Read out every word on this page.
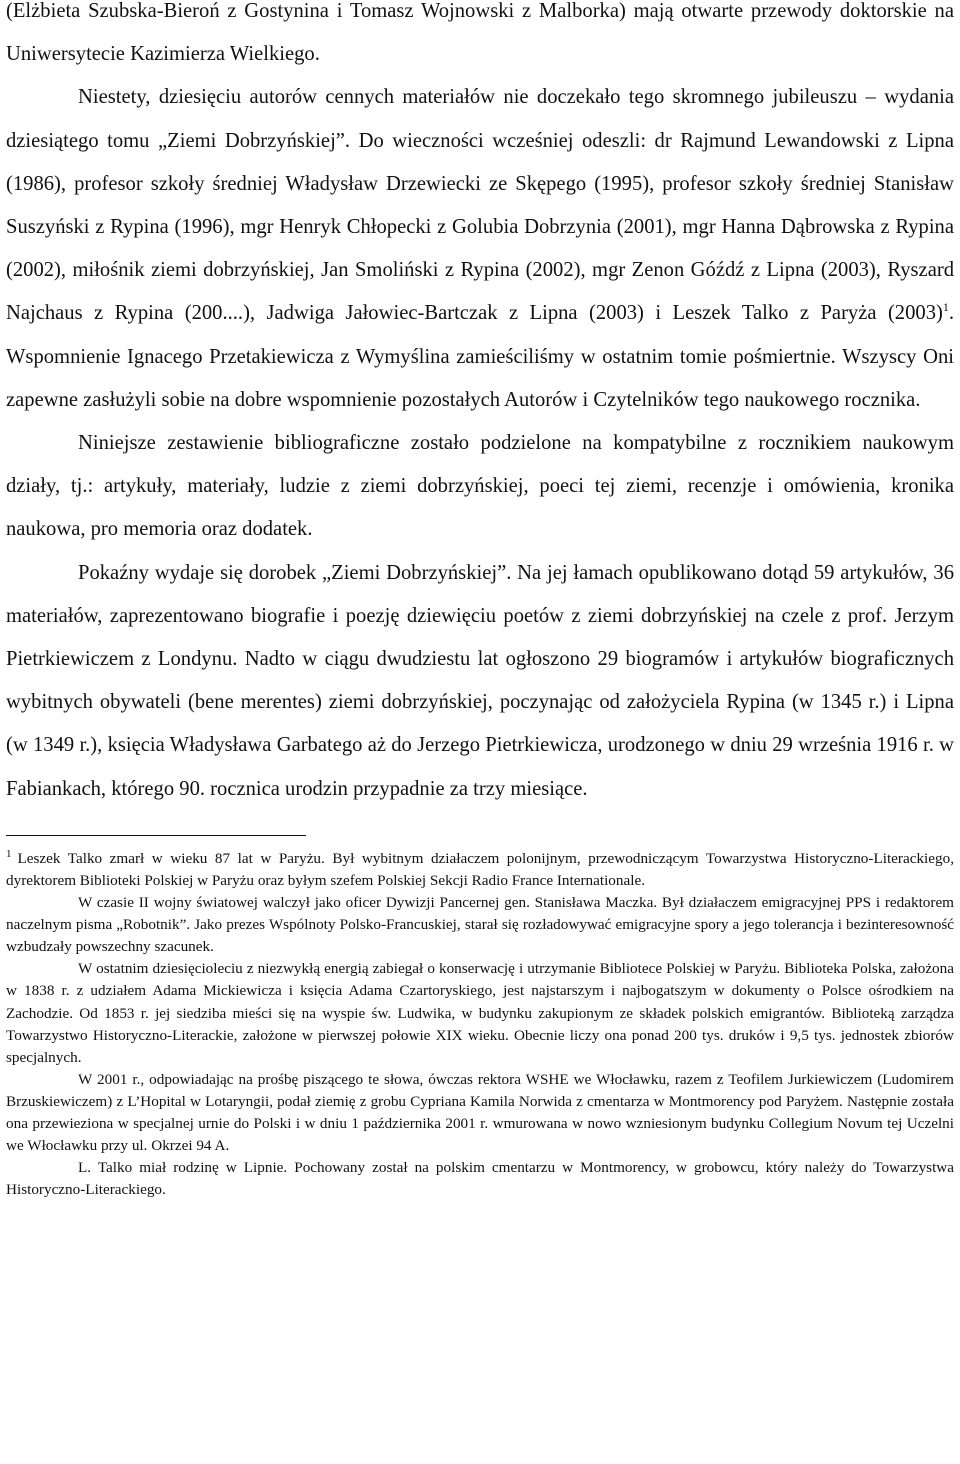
(Elżbieta Szubska-Bieroń z Gostynina i Tomasz Wojnowski z Malborka) mają otwarte przewody doktorskie na Uniwersytecie Kazimierza Wielkiego.

Niestety, dziesięciu autorów cennych materiałów nie doczekało tego skromnego jubileuszu – wydania dziesiątego tomu „Ziemi Dobrzyńskiej”. Do wieczności wcześniej odeszli: dr Rajmund Lewandowski z Lipna (1986), profesor szkoły średniej Władysław Drzewiecki ze Skępego (1995), profesor szkoły średniej Stanisław Suszyński z Rypina (1996), mgr Henryk Chłopecki z Golubia Dobrzynia (2001), mgr Hanna Dąbrowska z Rypina (2002), miłośnik ziemi dobrzyńskiej, Jan Smoliński z Rypina (2002), mgr Zenon Góźdź z Lipna (2003), Ryszard Najchaus z Rypina (200....), Jadwiga Jałowiec-Bartczak z Lipna (2003) i Leszek Talko z Paryża (2003)$^1$. Wspomnienie Ignacego Przetakiewicza z Wymyślina zamieściliśmy w ostatnim tomie pośmiertnie. Wszyscy Oni zapewne zasłużyli sobie na dobre wspomnienie pozostałych Autorów i Czytelników tego naukowego rocznika.

Niniejsze zestawienie bibliograficzne zostało podzielone na kompatybilne z rocznikiem naukowym działy, tj.: artykuły, materiały, ludzie z ziemi dobrzyńskiej, poeci tej ziemi, recenzje i omówienia, kronika naukowa, pro memoria oraz dodatek.

Pokaźny wydaje się dorobek „Ziemi Dobrzyńskiej”. Na jej łamach opublikowano dotąd 59 artykułów, 36 materiałów, zaprezentowano biografie i poezję dziewięciu poetów z ziemi dobrzyńskiej na czele z prof. Jerzym Pietrkiewiczem z Londynu. Nadto w ciągu dwudziestu lat ogłoszono 29 biogramów i artykułów biograficznych wybitnych obywateli (bene merentes) ziemi dobrzyńskiej, poczynając od założyciela Rypina (w 1345 r.) i Lipna (w 1349 r.), księcia Władysława Garbatego aż do Jerzego Pietrkiewicza, urodzonego w dniu 29 września 1916 r. w Fabiankach, którego 90. rocznica urodzin przypadnie za trzy miesiące.

$^1$ Leszek Talko zmarł w wieku 87 lat w Paryżu. Był wybitnym działaczem polonijnym, przewodniczącym Towarzystwa Historyczno-Literackiego, dyrektorem Biblioteki Polskiej w Paryżu oraz byłym szefem Polskiej Sekcji Radio France Internationale.

W czasie II wojny światowej walczył jako oficer Dywizji Pancernej gen. Stanisława Maczka. Był działaczem emigracyjnej PPS i redaktorem naczelnym pisma „Robotnik”. Jako prezes Wspólnoty Polsko-Francuskiej, starał się rozładowywać emigracyjne spory a jego tolerancja i bezinteresowność wzbudzały powszechny szacunek.

W ostatnim dziesięcioleciu z niezwykłą energią zabiegał o konserwację i utrzymanie Bibliotece Polskiej w Paryżu. Biblioteka Polska, założona w 1838 r. z udziałem Adama Mickiewicza i księcia Adama Czartoryskiego, jest najstarszym i najbogatszym w dokumenty o Polsce ośrodkiem na Zachodzie. Od 1853 r. jej siedziba mieści się na wyspie św. Ludwika, w budynku zakupionym ze składek polskich emigrantów. Biblioteką zarządza Towarzystwo Historyczno-Literackie, założone w pierwszej połowie XIX wieku. Obecnie liczy ona ponad 200 tys. druków i 9,5 tys. jednostek zbiorów specjalnych.

W 2001 r., odpowiadając na prośbę piszącego te słowa, ówczas rektora WSHE we Włocławku, razem z Teofilem Jurkiewiczem (Ludomirem Brzuskiewiczem) z L’Hopital w Lotaryngii, podał ziemię z grobu Cypriana Kamila Norwida z cmentarza w Montmorency pod Paryżem. Następnie została ona przewieziona w specjalnej urnie do Polski i w dniu 1 października 2001 r. wmurowana w nowo wzniesionym budynku Collegium Novum tej Uczelni we Włocławku przy ul. Okrzei 94 A.

L. Talko miał rodzinę w Lipnie. Pochowany został na polskim cmentarzu w Montmorency, w grobowcu, który należy do Towarzystwa Historyczno-Literackiego.
